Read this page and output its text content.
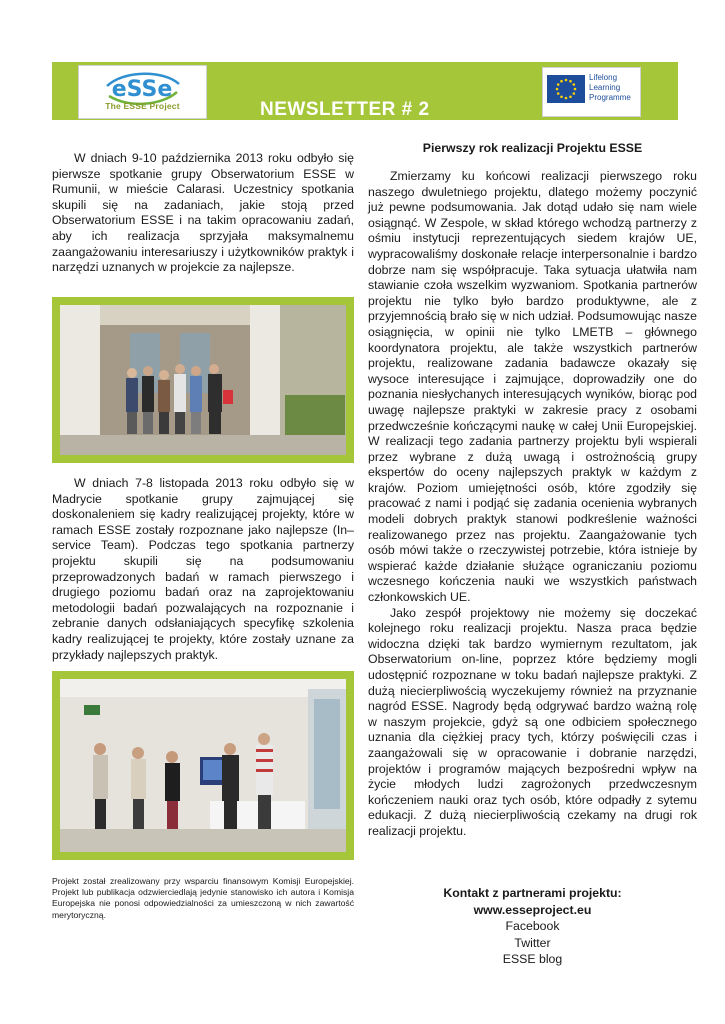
eSSe
The ESSE Project	NEWSLETTER # 2
Lifelong
Learning
Programme
Pierwszy rok realizacji Projektu ESSE

W dniach 9-10 października 2013 roku odbyło się pierwsze spotkanie grupy Obserwatorium ESSE w Rumunii, w mieście Calarasi. Uczestnicy spotkania skupili się na zadaniach, jakie stoją przed Obserwatorium ESSE i na takim opracowaniu zadań, aby ich realizacja sprzyjała maksymalnemu zaangażowaniu interesariuszy i użytkowników praktyk i narzędzi uznanych w projekcie za najlepsze.

W dniach 7-8 listopada 2013 roku odbyło się w Madrycie spotkanie grupy zajmującej się doskonaleniem się kadry realizującej projekty, które w ramach ESSE zostały rozpoznane jako najlepsze (In–service Team). Podczas tego spotkania partnerzy projektu skupili się na podsumowaniu przeprowadzonych badań w ramach pierwszego i drugiego poziomu badań oraz na zaprojektowaniu metodologii badań pozwalających na rozpoznanie i zebranie danych odsłaniających specyfikę szkolenia kadry realizującej te projekty, które zostały uznane za przykłady najlepszych praktyk.

Projekt został zrealizowany przy wsparciu finansowym Komisji Europejskiej. Projekt lub publikacja odzwierciedlają jedynie stanowisko ich autora i Komisja Europejska nie ponosi odpowiedzialności za umieszczoną w nich zawartość merytoryczną.

Zmierzamy ku końcowi realizacji pierwszego roku naszego dwuletniego projektu, dlatego możemy poczynić już pewne podsumowania. Jak dotąd udało się nam wiele osiągnąć. W Zespole, w skład którego wchodzą partnerzy z ośmiu instytucji reprezentujących siedem krajów UE, wypracowaliśmy doskonałe relacje interpersonalnie i bardzo dobrze nam się współpracuje. Taka sytuacja ułatwiła nam stawianie czoła wszelkim wyzwaniom. Spotkania partnerów projektu nie tylko było bardzo produktywne, ale z przyjemnością brało się w nich udział. Podsumowując nasze osiągnięcia, w opinii nie tylko LMETB – głównego koordynatora projektu, ale także wszystkich partnerów projektu, realizowane zadania badawcze okazały się wysoce interesujące i zajmujące, doprowadziły one do poznania niesłychanych interesujących wyników, biorąc pod uwagę najlepsze praktyki w zakresie pracy z osobami przedwcześnie kończącymi naukę w całej Unii Europejskiej. W realizacji tego zadania partnerzy projektu byli wspierali przez wybrane z dużą uwagą i ostrożnością grupy ekspertów do oceny najlepszych praktyk w każdym z krajów. Poziom umiejętności osób, które zgodziły się pracować z nami i podjąć się zadania ocenienia wybranych modeli dobrych praktyk stanowi podkreślenie ważności realizowanego przez nas projektu. Zaangażowanie tych osób mówi także o rzeczywistej potrzebie, która istnieje by wspierać każde działanie służące ograniczaniu poziomu wczesnego kończenia nauki we wszystkich państwach członkowskich UE.

Jako zespół projektowy nie możemy się doczekać kolejnego roku realizacji projektu. Nasza praca będzie widoczna dzięki tak bardzo wymiernym rezultatom, jak Obserwatorium on-line, poprzez które będziemy mogli udostępnić rozpoznane w toku badań najlepsze praktyki. Z dużą niecierpliwością wyczekujemy również na przyznanie nagród ESSE. Nagrody będą odgrywać bardzo ważną rolę w naszym projekcie, gdyż są one odbiciem społecznego uznania dla ciężkiej pracy tych, którzy poświęcili czas i zaangażowali się w opracowanie i dobranie narzędzi, projektów i programów mających bezpośredni wpływ na życie młodych ludzi zagrożonych przedwczesnym kończeniem nauki oraz tych osób, które odpadły z sytemu edukacji. Z dużą niecierpliwością czekamy na drugi rok realizacji projektu.

Kontakt z partnerami projektu:
www.esseproject.eu
Facebook
Twitter
ESSE blog
